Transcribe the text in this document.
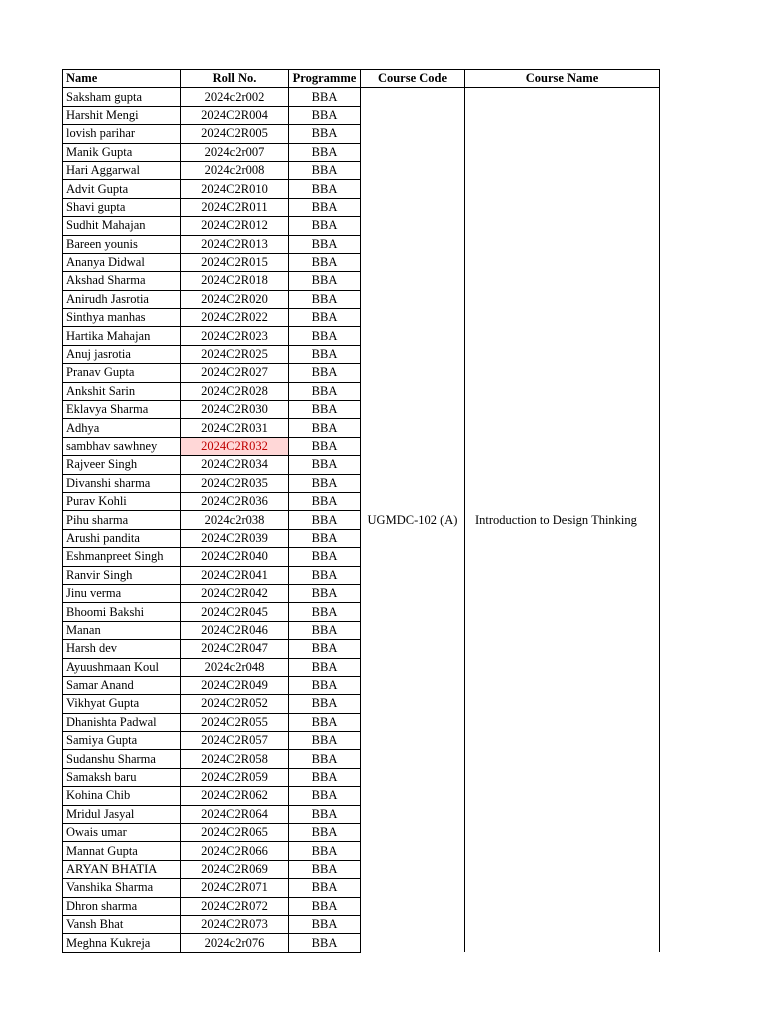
Name	Roll No.	Programme	Course Code	Course Name
Saksham gupta	2024c2r002	BBA	UGMDC-102 (A)	Introduction to Design Thinking
Harshit Mengi	2024C2R004	BBA		
lovish parihar	2024C2R005	BBA		
Manik Gupta	2024c2r007	BBA		
Hari Aggarwal	2024c2r008	BBA		
Advit Gupta	2024C2R010	BBA		
Shavi gupta	2024C2R011	BBA		
Sudhit Mahajan	2024C2R012	BBA		
Bareen younis	2024C2R013	BBA		
Ananya Didwal	2024C2R015	BBA		
Akshad Sharma	2024C2R018	BBA		
Anirudh Jasrotia	2024C2R020	BBA		
Sinthya manhas	2024C2R022	BBA		
Hartika Mahajan	2024C2R023	BBA		
Anuj jasrotia	2024C2R025	BBA		
Pranav Gupta	2024C2R027	BBA		
Ankshit Sarin	2024C2R028	BBA		
Eklavya Sharma	2024C2R030	BBA		
Adhya	2024C2R031	BBA		
sambhav sawhney	2024C2R032	BBA		
Rajveer Singh	2024C2R034	BBA		
Divanshi sharma	2024C2R035	BBA		
Purav Kohli	2024C2R036	BBA		
Pihu sharma	2024c2r038	BBA		
Arushi pandita	2024C2R039	BBA		
Eshmanpreet Singh	2024C2R040	BBA		
Ranvir Singh	2024C2R041	BBA		
Jinu verma	2024C2R042	BBA		
Bhoomi Bakshi	2024C2R045	BBA		
Manan	2024C2R046	BBA		
Harsh dev	2024C2R047	BBA		
Ayuushmaan Koul	2024c2r048	BBA		
Samar Anand	2024C2R049	BBA		
Vikhyat Gupta	2024C2R052	BBA		
Dhanishta Padwal	2024C2R055	BBA		
Samiya Gupta	2024C2R057	BBA		
Sudanshu Sharma	2024C2R058	BBA		
Samaksh baru	2024C2R059	BBA		
Kohina Chib	2024C2R062	BBA		
Mridul Jasyal	2024C2R064	BBA		
Owais umar	2024C2R065	BBA		
Mannat Gupta	2024C2R066	BBA		
ARYAN BHATIA	2024C2R069	BBA		
Vanshika Sharma	2024C2R071	BBA		
Dhron sharma	2024C2R072	BBA		
Vansh Bhat	2024C2R073	BBA		
Meghna Kukreja	2024c2r076	BBA		
